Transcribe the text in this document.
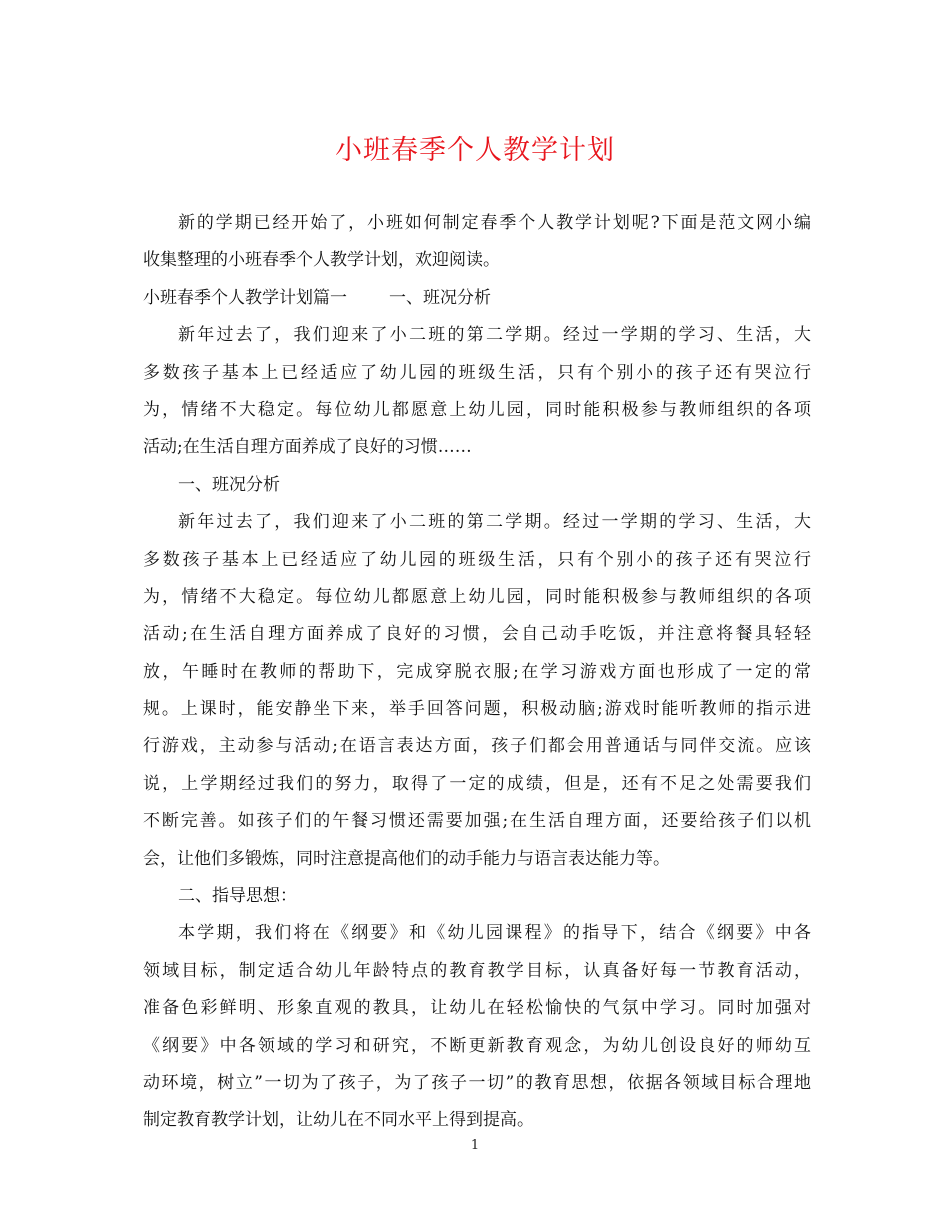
小班春季个人教学计划
新的学期已经开始了，小班如何制定春季个人教学计划呢?下面是范文网小编
收集整理的小班春季个人教学计划，欢迎阅读。
小班春季个人教学计划篇一 一、班况分析
新年过去了，我们迎来了小二班的第二学期。经过一学期的学习、生活，大
多数孩子基本上已经适应了幼儿园的班级生活，只有个别小的孩子还有哭泣行
为，情绪不大稳定。每位幼儿都愿意上幼儿园，同时能积极参与教师组织的各项
活动;在生活自理方面养成了良好的习惯……
一、班况分析
新年过去了，我们迎来了小二班的第二学期。经过一学期的学习、生活，大
多数孩子基本上已经适应了幼儿园的班级生活，只有个别小的孩子还有哭泣行
为，情绪不大稳定。每位幼儿都愿意上幼儿园，同时能积极参与教师组织的各项
活动;在生活自理方面养成了良好的习惯，会自己动手吃饭，并注意将餐具轻轻
放，午睡时在教师的帮助下，完成穿脱衣服;在学习游戏方面也形成了一定的常
规。上课时，能安静坐下来，举手回答问题，积极动脑;游戏时能听教师的指示进
行游戏，主动参与活动;在语言表达方面，孩子们都会用普通话与同伴交流。应该
说，上学期经过我们的努力，取得了一定的成绩，但是，还有不足之处需要我们
不断完善。如孩子们的午餐习惯还需要加强;在生活自理方面，还要给孩子们以机
会，让他们多锻炼，同时注意提高他们的动手能力与语言表达能力等。
二、指导思想：
本学期，我们将在《纲要》和《幼儿园课程》的指导下，结合《纲要》中各
领域目标，制定适合幼儿年龄特点的教育教学目标，认真备好每一节教育活动，
准备色彩鲜明、形象直观的教具，让幼儿在轻松愉快的气氛中学习。同时加强对
《纲要》中各领域的学习和研究，不断更新教育观念，为幼儿创设良好的师幼互
动环境，树立”一切为了孩子，为了孩子一切”的教育思想，依据各领域目标合理地
制定教育教学计划，让幼儿在不同水平上得到提高。
1
